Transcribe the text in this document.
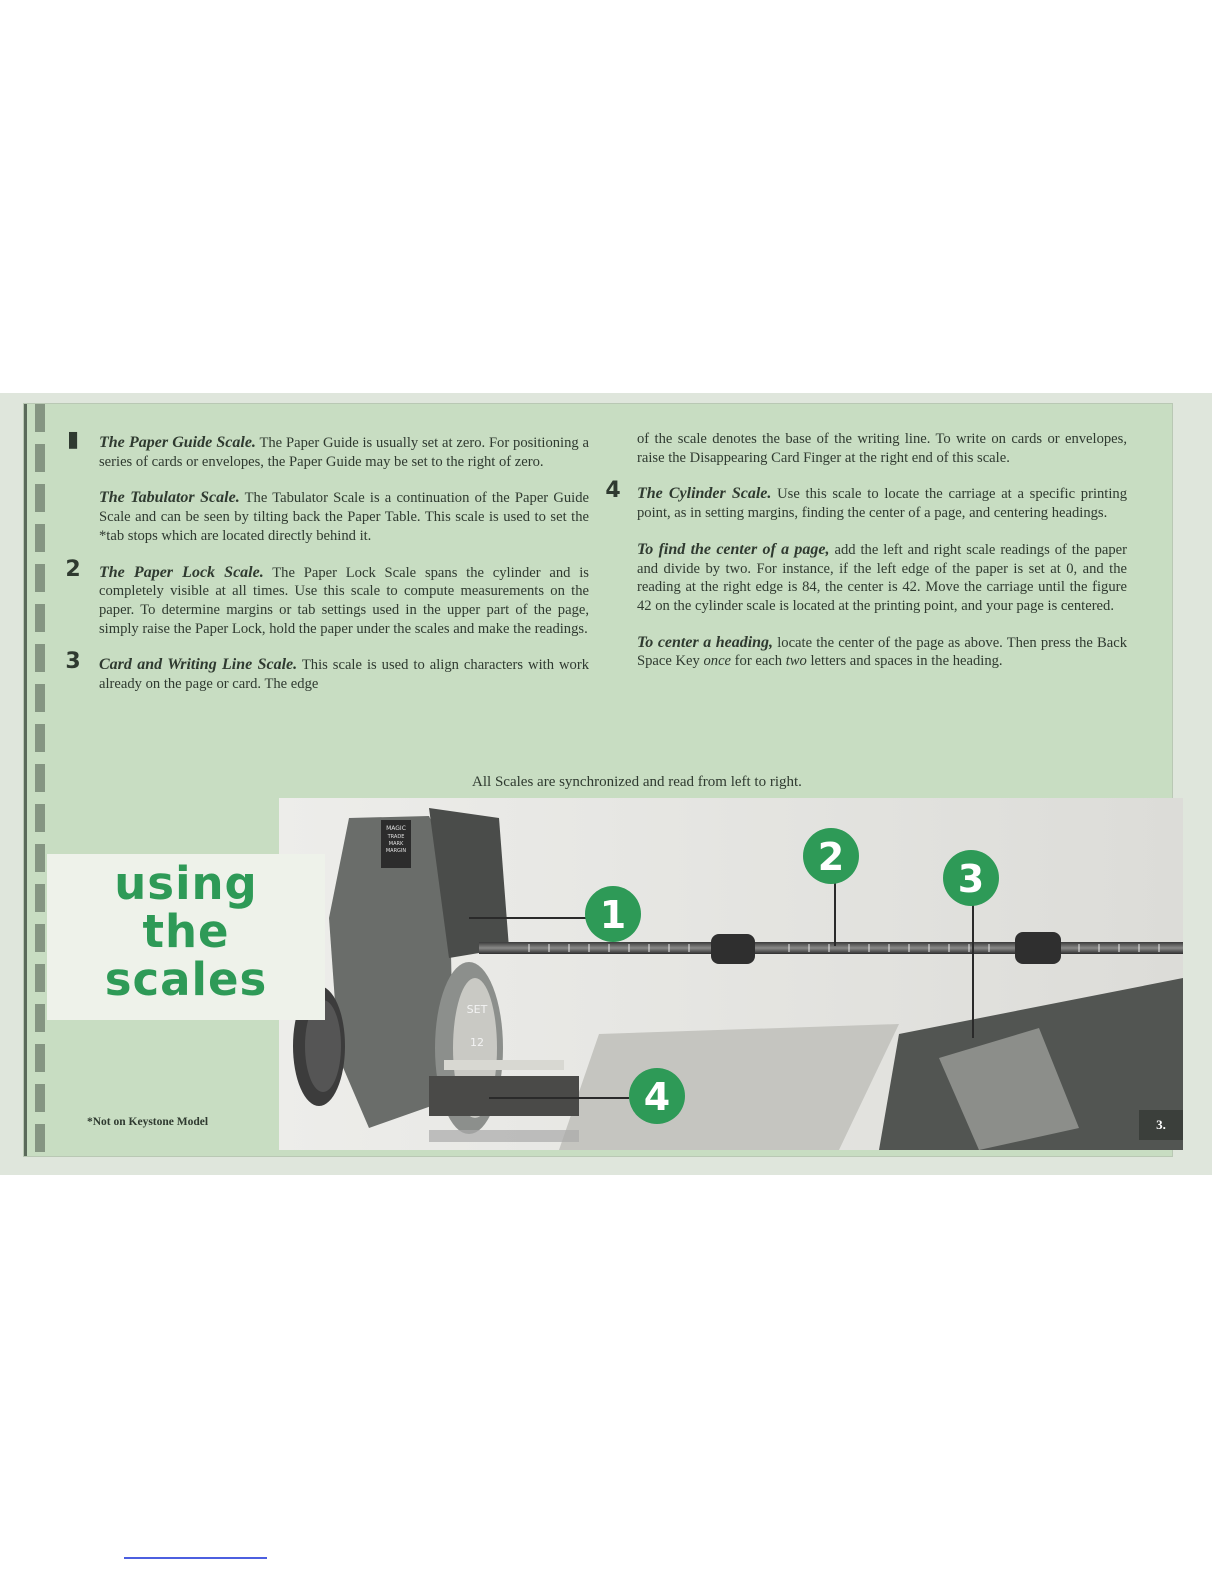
▮	The Paper Guide Scale. The Paper Guide is usually set at zero. For positioning a series of cards or envelopes, the Paper Guide may be set to the right of zero.

The Tabulator Scale. The Tabulator Scale is a continuation of the Paper Guide Scale and can be seen by tilting back the Paper Table. This scale is used to set the *tab stops which are located directly behind it.

2	The Paper Lock Scale. The Paper Lock Scale spans the cylinder and is completely visible at all times. Use this scale to compute measurements on the paper. To determine margins or tab settings used in the upper part of the page, simply raise the Paper Lock, hold the paper under the scales and make the readings.

3	Card and Writing Line Scale. This scale is used to align characters with work already on the page or card. The edge

of the scale denotes the base of the writing line. To write on cards or envelopes, raise the Disappearing Card Finger at the right end of this scale.

4	The Cylinder Scale. Use this scale to locate the carriage at a specific printing point, as in setting margins, finding the center of a page, and centering headings.

To find the center of a page, add the left and right scale readings of the paper and divide by two. For instance, if the left edge of the paper is set at 0, and the reading at the right edge is 84, the center is 42. Move the carriage until the figure 42 on the cylinder scale is located at the printing point, and your page is centered.

To center a heading, locate the center of the page as above. Then press the Back Space Key once for each two letters and spaces in the heading.

All Scales are synchronized and read from left to right.
MAGIC
TRADE
MARK
MARGIN
SET
12
1
2	3
4
using
the
scales
*Not on Keystone Model	3.
